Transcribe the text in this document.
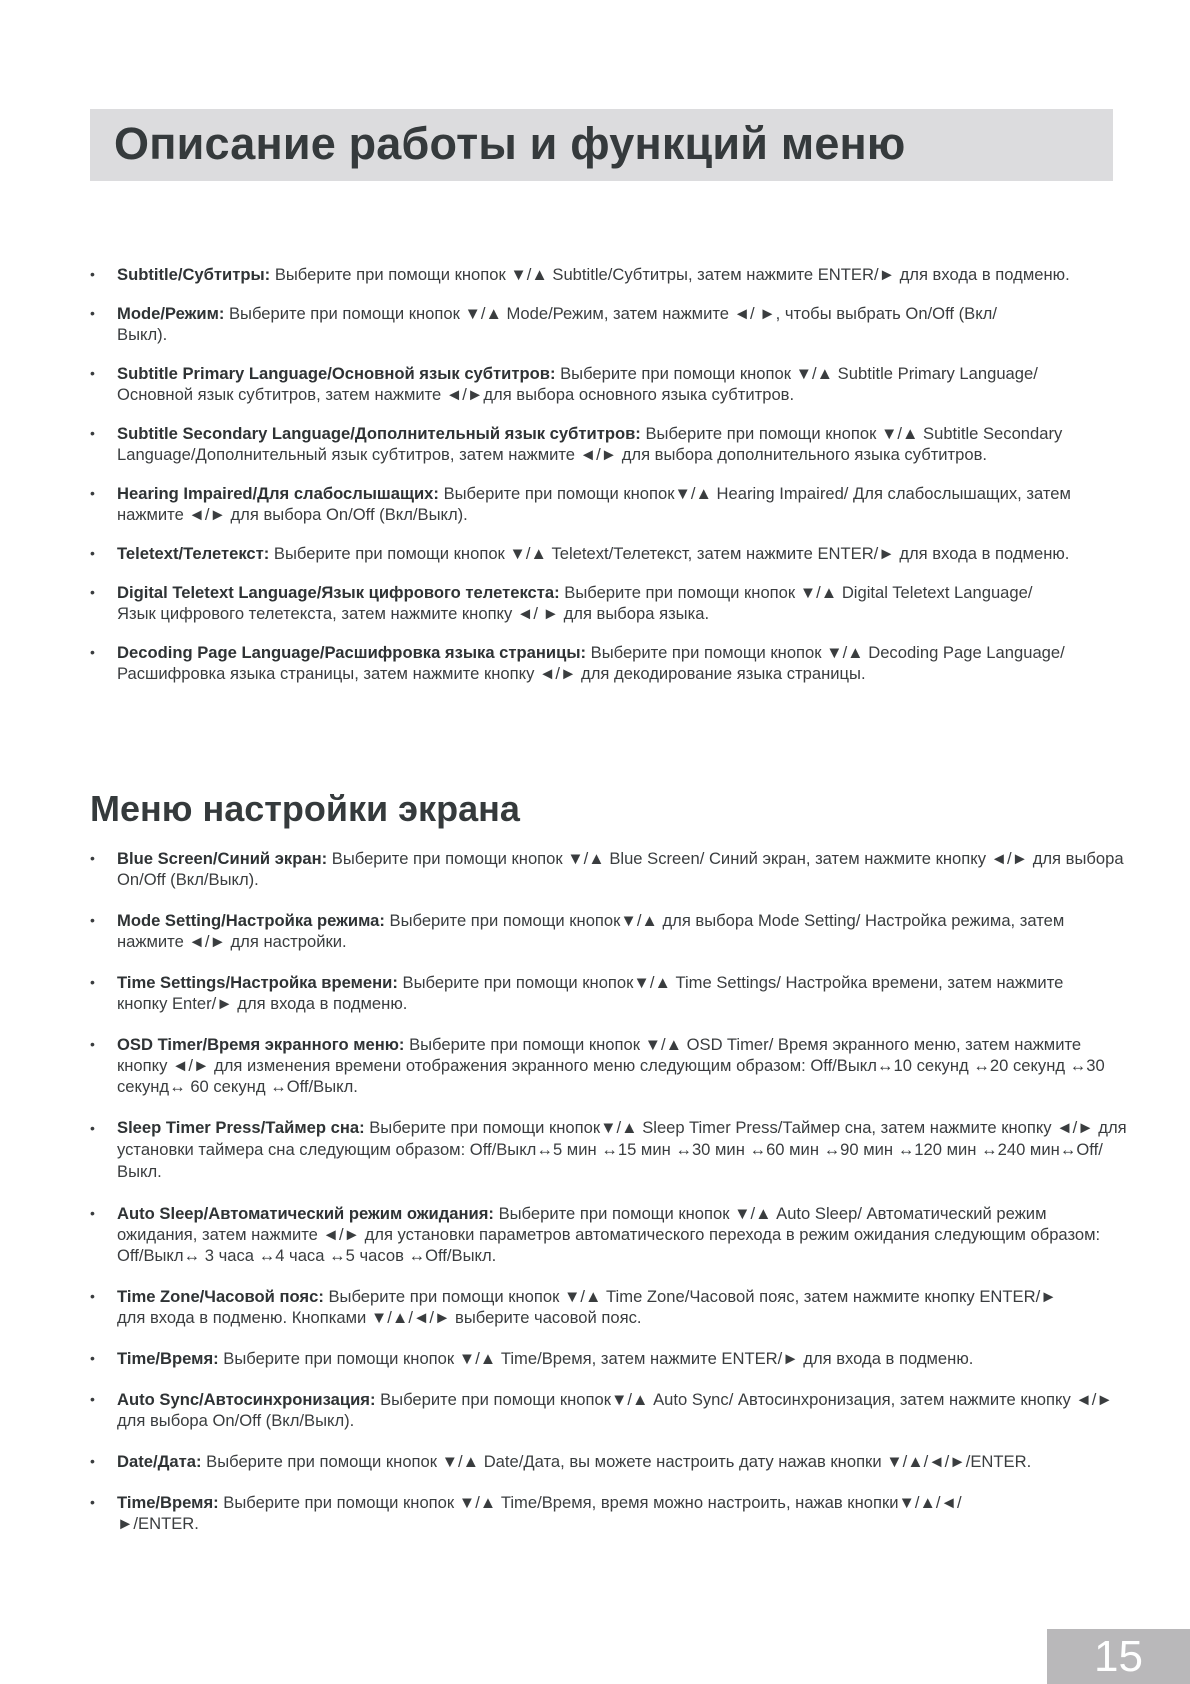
Описание работы и функций меню
• Subtitle/Субтитры: Выберите при помощи кнопок ▼/▲ Subtitle/Субтитры, затем нажмите ENTER/► для входа в подменю.
• Mode/Режим: Выберите при помощи кнопок ▼/▲ Mode/Режим, затем нажмите ◄/ ►, чтобы выбрать On/Off (Вкл/Выкл).
• Subtitle Primary Language/Основной язык субтитров: Выберите при помощи кнопок ▼/▲ Subtitle Primary Language/Основной язык субтитров, затем нажмите ◄/►для выбора основного языка субтитров.
• Subtitle Secondary Language/Дополнительный язык субтитров: Выберите при помощи кнопок ▼/▲ Subtitle Secondary Language/Дополнительный язык субтитров, затем нажмите ◄/► для выбора дополнительного языка субтитров.
• Hearing Impaired/Для слабослышащих: Выберите при помощи кнопок▼/▲ Hearing Impaired/ Для слабослышащих, затем нажмите ◄/► для выбора On/Off (Вкл/Выкл).
• Teletext/Телетекст: Выберите при помощи кнопок ▼/▲ Teletext/Телетекст, затем нажмите ENTER/► для входа в подменю.
• Digital Teletext Language/Язык цифрового телетекста: Выберите при помощи кнопок ▼/▲ Digital Teletext Language/Язык цифрового телетекста, затем нажмите кнопку ◄/ ► для выбора языка.
• Decoding Page Language/Расшифровка языка страницы: Выберите при помощи кнопок ▼/▲ Decoding Page Language/Расшифровка языка страницы, затем нажмите кнопку ◄/► для декодирование языка страницы.
Меню настройки экрана
• Blue Screen/Синий экран: Выберите при помощи кнопок ▼/▲ Blue Screen/ Синий экран, затем нажмите кнопку ◄/► для выбора On/Off (Вкл/Выкл).
• Mode Setting/Настройка режима: Выберите при помощи кнопок▼/▲ для выбора Mode Setting/ Настройка режима, затем нажмите ◄/► для настройки.
• Time Settings/Настройка времени: Выберите при помощи кнопок▼/▲ Time Settings/ Настройка времени, затем нажмите кнопку Enter/► для входа в подменю.
• OSD Timer/Время экранного меню: Выберите при помощи кнопок ▼/▲ OSD Timer/ Время экранного меню, затем нажмите кнопку ◄/► для изменения времени отображения экранного меню следующим образом: Off/Выкл↔10 секунд ↔20 секунд ↔30 секунд↔ 60 секунд ↔Off/Выкл.
• Sleep Timer Press/Таймер сна: Выберите при помощи кнопок▼/▲ Sleep Timer Press/Таймер сна, затем нажмите кнопку ◄/► для установки таймера сна следующим образом: Off/Выкл↔5 мин ↔15 мин ↔30 мин ↔60 мин ↔90 мин ↔120 мин ↔240 мин↔Off/Выкл.
• Auto Sleep/Автоматический режим ожидания: Выберите при помощи кнопок ▼/▲ Auto Sleep/ Автоматический режим ожидания, затем нажмите ◄/► для установки параметров автоматического перехода в режим ожидания следующим образом: Off/Выкл↔ 3 часа ↔4 часа ↔5 часов ↔Off/Выкл.
• Time Zone/Часовой пояс: Выберите при помощи кнопок ▼/▲ Time Zone/Часовой пояс, затем нажмите кнопку ENTER/► для входа в подменю. Кнопками ▼/▲/◄/► выберите часовой пояс.
• Time/Время: Выберите при помощи кнопок ▼/▲ Time/Время, затем нажмите ENTER/► для входа в подменю.
• Auto Sync/Автосинхронизация: Выберите при помощи кнопок▼/▲ Auto Sync/ Автосинхронизация, затем нажмите кнопку ◄/► для выбора On/Off (Вкл/Выкл).
• Date/Дата: Выберите при помощи кнопок ▼/▲ Date/Дата, вы можете настроить дату нажав кнопки ▼/▲/◄/►/ENTER.
• Time/Время: Выберите при помощи кнопок ▼/▲ Time/Время, время можно настроить, нажав кнопки▼/▲/◄/►/ENTER.
15
